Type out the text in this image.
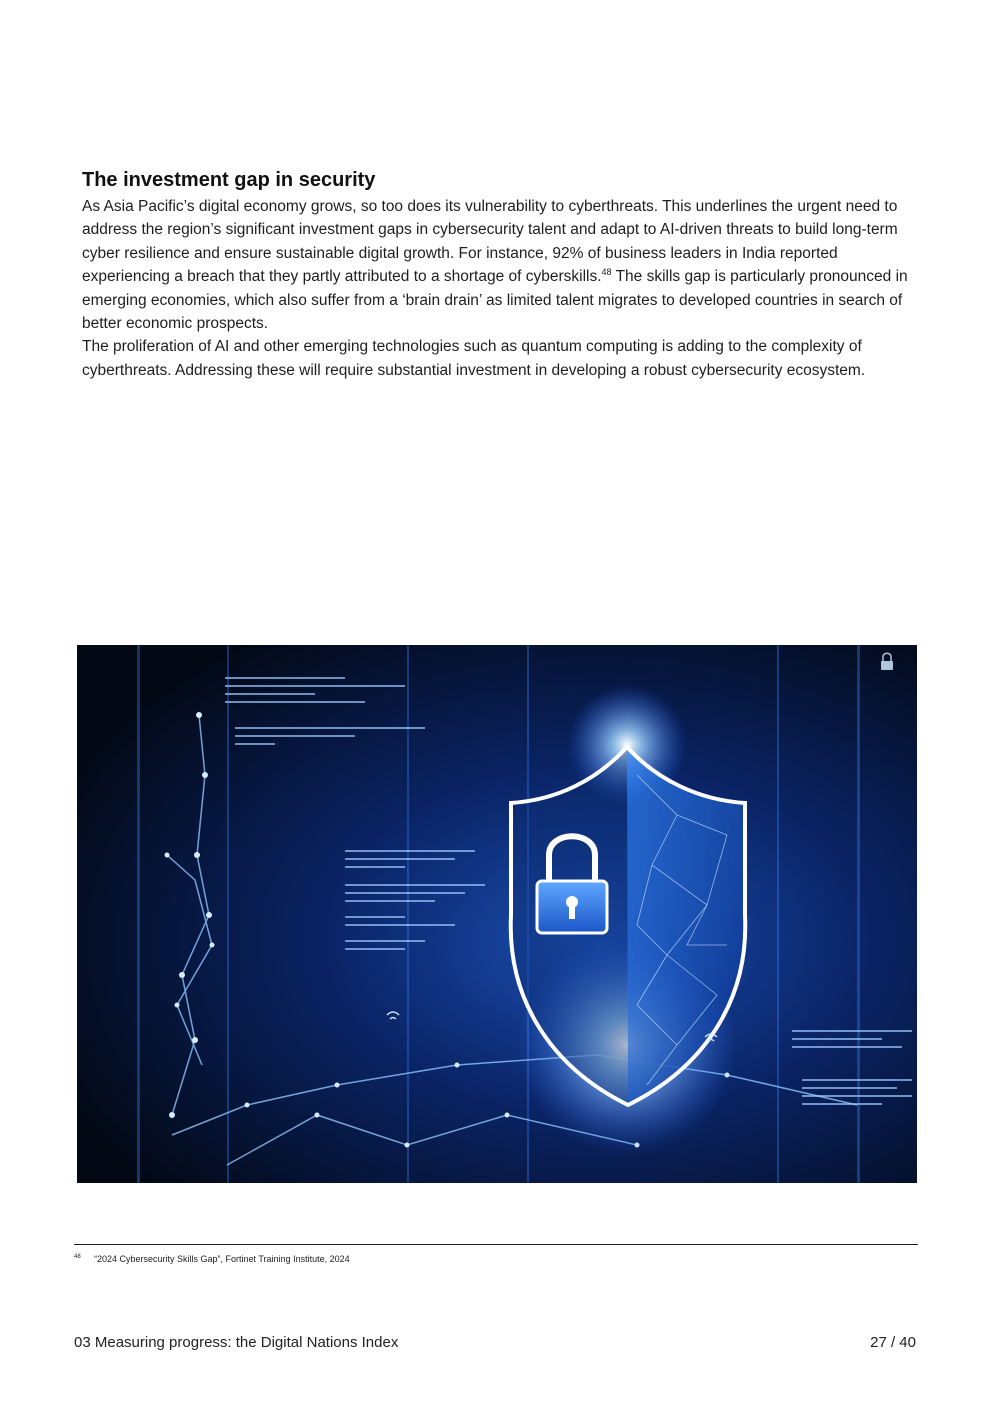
The investment gap in security

As Asia Pacific’s digital economy grows, so too does its vulnerability to cyberthreats. This underlines the urgent need to address the region’s significant investment gaps in cybersecurity talent and adapt to AI-driven threats to build long-term cyber resilience and ensure sustainable digital growth. For instance, 92% of business leaders in India reported experiencing a breach that they partly attributed to a shortage of cyberskills.$^{48}$ The skills gap is particularly pronounced in emerging economies, which also suffer from a ‘brain drain’ as limited talent migrates to developed countries in search of better economic prospects.

The proliferation of AI and other emerging technologies such as quantum computing is adding to the complexity of cyberthreats. Addressing these will require substantial investment in developing a robust cybersecurity ecosystem.

48 “2024 Cybersecurity Skills Gap”, Fortinet Training Institute, 2024
03 Measuring progress: the Digital Nations Index	27 / 40
